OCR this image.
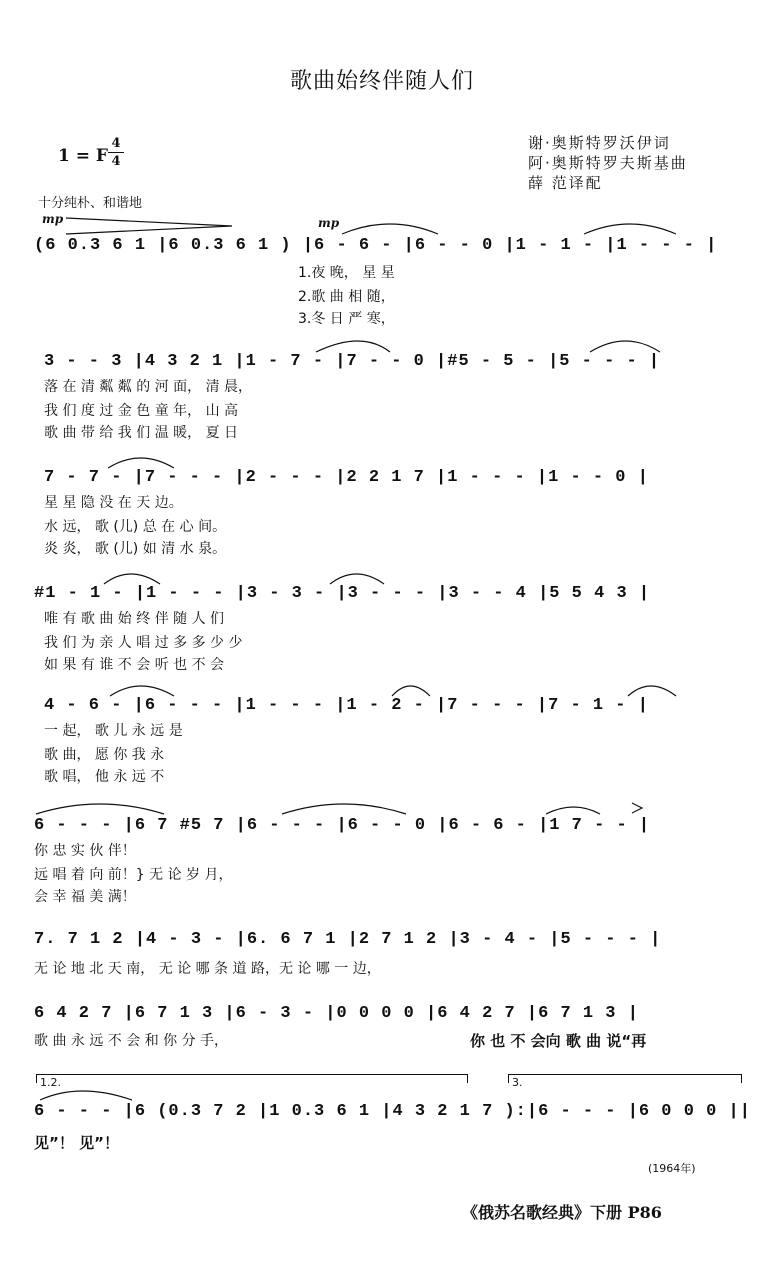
歌曲始终伴随人们
1 = F
4
4
谢·奥斯特罗沃伊词
阿·奥斯特罗夫斯基曲
薛 范译配
十分纯朴、和谐地
mp	mp
1.2.	3.
(6 0.3 6 1 |6 0.3 6 1 ) |6 - 6 - |6 - - 0 |1 - 1 - |1 - - - |
1.夜 晚， 星 星
2.歌 曲 相 随，
3.冬 日 严 寒，
3 - - 3 |4 3 2 1 |1 - 7 - |7 - - 0 |#5 - 5 - |5 - - - |
落 在 清 粼 粼 的 河 面， 清 晨，
我 们 度 过 金 色 童 年， 山 高
歌 曲 带 给 我 们 温 暖， 夏 日
7 - 7 - |7 - - - |2 - - - |2 2 1 7 |1 - - - |1 - - 0 |
星 星 隐 没 在 天 边。
水 远， 歌 (儿) 总 在 心 间。
炎 炎， 歌 (儿) 如 清 水 泉。
#1 - 1 - |1 - - - |3 - 3 - |3 - - - |3 - - 4 |5 5 4 3 |
唯 有 歌 曲 始 终 伴 随 人 们
我 们 为 亲 人 唱 过 多 多 少 少
如 果 有 谁 不 会 听 也 不 会
4 - 6 - |6 - - - |1 - - - |1 - 2 - |7 - - - |7 - 1 - |
一 起， 歌 儿 永 远 是
歌 曲， 愿 你 我 永
歌 唱， 他 永 远 不
6 - - - |6 7 #5 7 |6 - - - |6 - - 0 |6 - 6 - |1 7 - - |
你 忠 实 伙 伴！
远 唱 着 向 前！} 无 论 岁 月，
会 幸 福 美 满！
7. 7 1 2 |4 - 3 - |6. 6 7 1 |2 7 1 2 |3 - 4 - |5 - - - |
无 论 地 北 天 南， 无 论 哪 条 道 路，无 论 哪 一 边，
6 4 2 7 |6 7 1 3 |6 - 3 - |0 0 0 0 |6 4 2 7 |6 7 1 3 |
歌 曲 永 远 不 会 和 你 分 手，	你 也 不 会向 歌 曲 说“再
6 - - - |6 (0.3 7 2 |1 0.3 6 1 |4 3 2 1 7 ):|6 - - - |6 0 0 0 ||
见”！ 见”！
(1964年)
《俄苏名歌经典》下册 P86
